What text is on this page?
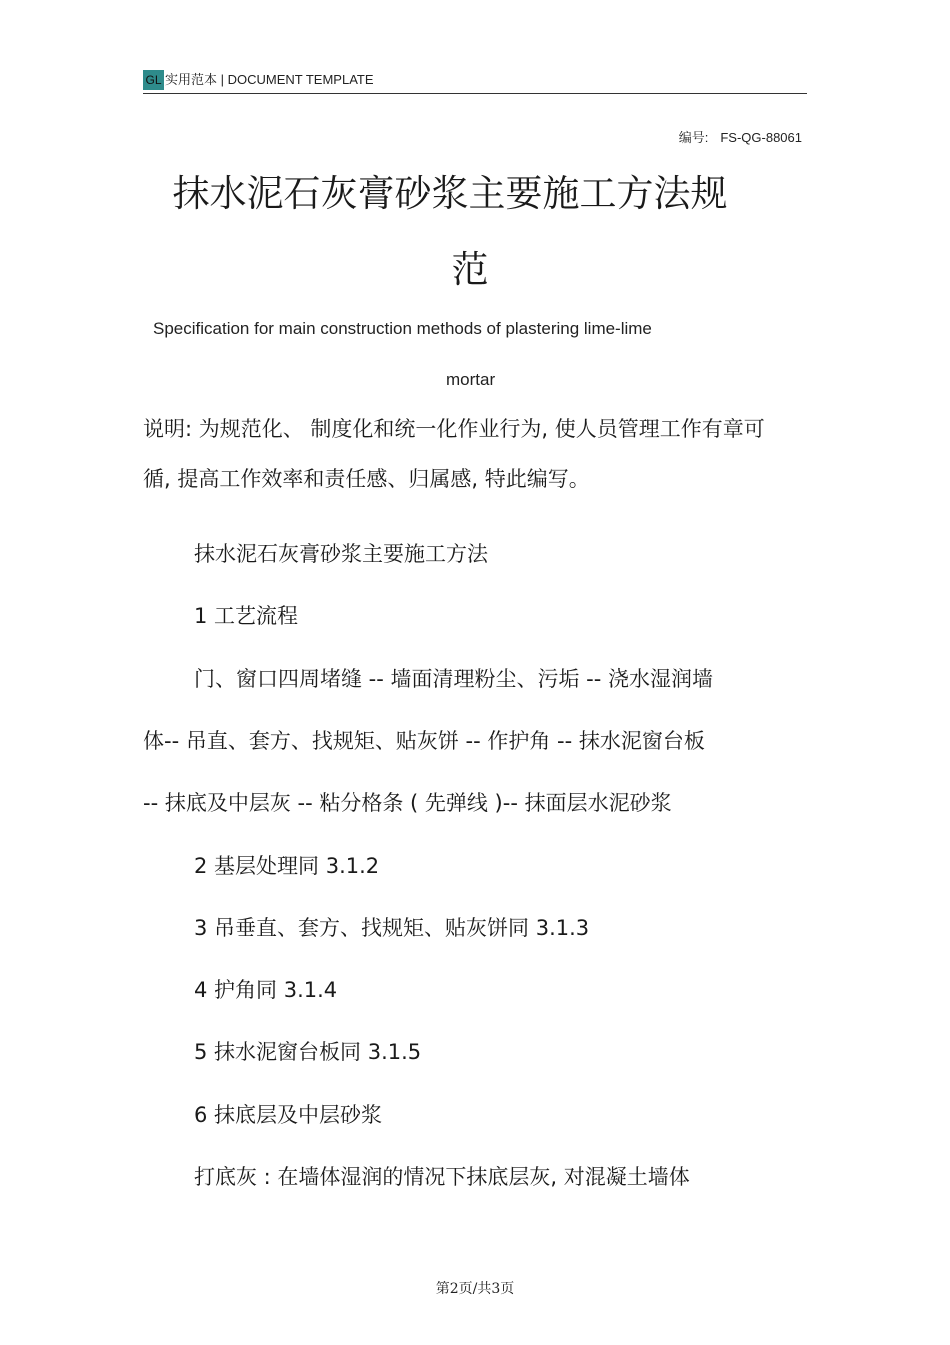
GL 实用范本 | DOCUMENT TEMPLATE
编号: FS-QG-88061
抹水泥石灰膏砂浆主要施工方法规
范
Specification for main construction methods of plastering lime-lime
mortar
说明: 为规范化、 制度化和统一化作业行为, 使人员管理工作有章可
循, 提高工作效率和责任感、归属感, 特此编写。
抹水泥石灰膏砂浆主要施工方法
1 工艺流程
门、窗口四周堵缝 -- 墙面清理粉尘、污垢 -- 浇水湿润墙
体-- 吊直、套方、找规矩、贴灰饼 -- 作护角 -- 抹水泥窗台板
-- 抹底及中层灰 -- 粘分格条 ( 先弹线 )-- 抹面层水泥砂浆
2 基层处理同 3.1.2
3 吊垂直、套方、找规矩、贴灰饼同 3.1.3
4 护角同 3.1.4
5 抹水泥窗台板同 3.1.5
6 抹底层及中层砂浆
打底灰 : 在墙体湿润的情况下抹底层灰, 对混凝土墙体
第2页/共3页
